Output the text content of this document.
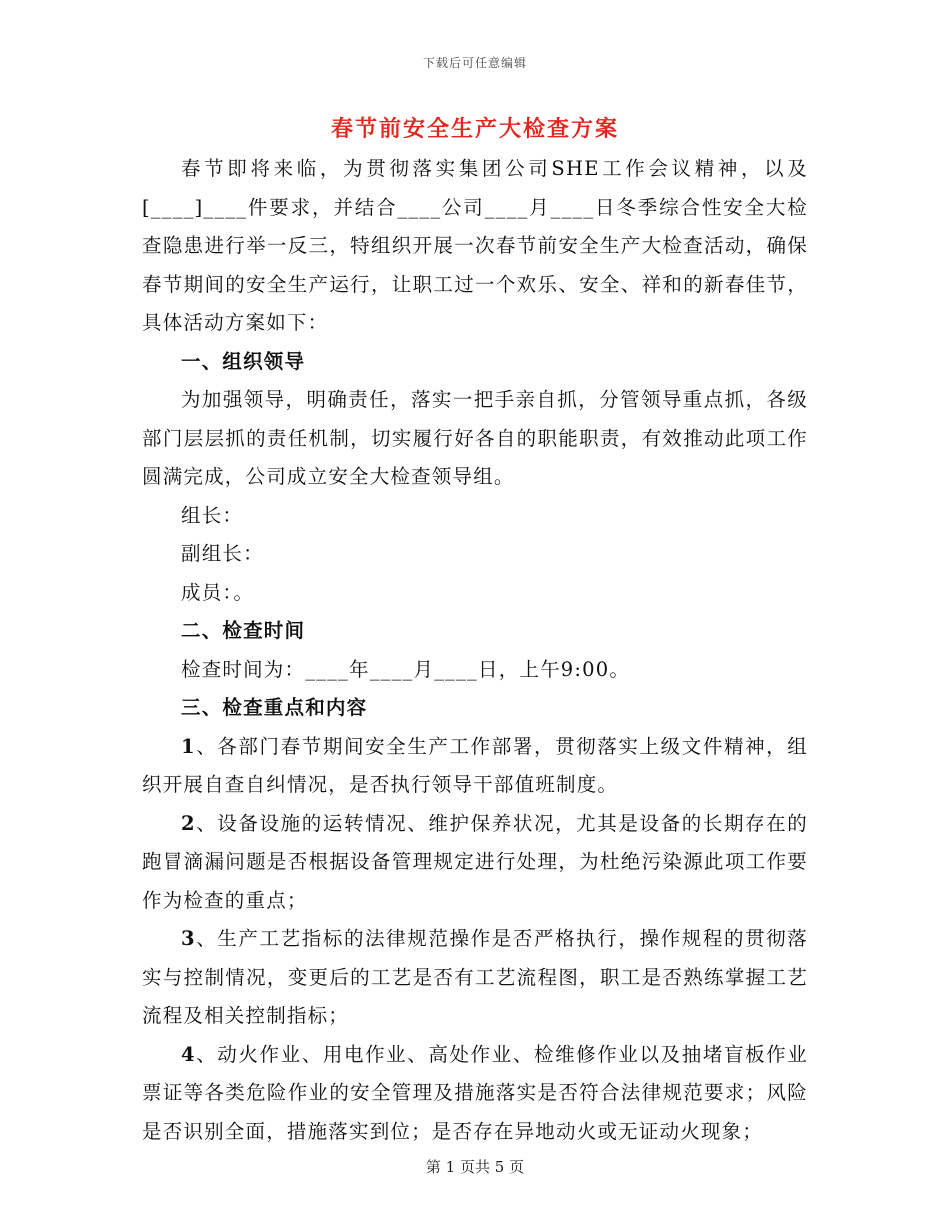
下载后可任意编辑
春节前安全生产大检查方案

春节即将来临，为贯彻落实集团公司SHE工作会议精神，以及[____]____件要求，并结合____公司____月____日冬季综合性安全大检查隐患进行举一反三，特组织开展一次春节前安全生产大检查活动，确保春节期间的安全生产运行，让职工过一个欢乐、安全、祥和的新春佳节，具体活动方案如下：

一、组织领导

为加强领导，明确责任，落实一把手亲自抓，分管领导重点抓，各级部门层层抓的责任机制，切实履行好各自的职能职责，有效推动此项工作圆满完成，公司成立安全大检查领导组。

组长：

副组长：

成员：。

二、检查时间

检查时间为：____年____月____日，上午9:00。

三、检查重点和内容

1、各部门春节期间安全生产工作部署，贯彻落实上级文件精神，组织开展自查自纠情况，是否执行领导干部值班制度。

2、设备设施的运转情况、维护保养状况，尤其是设备的长期存在的跑冒滴漏问题是否根据设备管理规定进行处理，为杜绝污染源此项工作要作为检查的重点；

3、生产工艺指标的法律规范操作是否严格执行，操作规程的贯彻落实与控制情况，变更后的工艺是否有工艺流程图，职工是否熟练掌握工艺流程及相关控制指标；

4、动火作业、用电作业、高处作业、检维修作业以及抽堵盲板作业票证等各类危险作业的安全管理及措施落实是否符合法律规范要求；风险是否识别全面，措施落实到位；是否存在异地动火或无证动火现象；

第 1 页共 5 页
